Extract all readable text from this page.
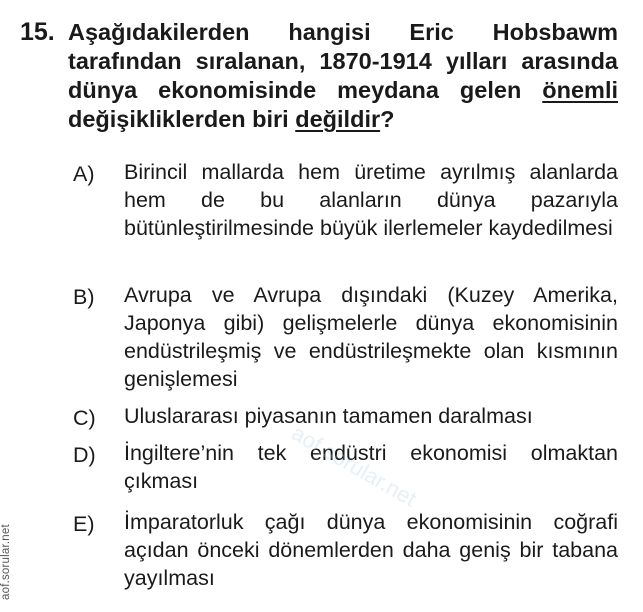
15. Aşağıdakilerden hangisi Eric Hobsbawm tarafından sıralanan, 1870-1914 yılları arasında dünya ekonomisinde meydana gelen önemli değişikliklerden biri değildir?
A) Birincil mallarda hem üretime ayrılmış alanlarda hem de bu alanların dünya pazarıyla bütünleştirilmesinde büyük ilerlemeler kaydedilmesi
B) Avrupa ve Avrupa dışındaki (Kuzey Amerika, Japonya gibi) gelişmelerle dünya ekonomisinin endüstrileşmiş ve endüstrileşmekte olan kısmının genişlemesi
C) Uluslararası piyasanın tamamen daralması
D) İngiltere’nin tek endüstri ekonomisi olmaktan çıkması
E) İmparatorluk çağı dünya ekonomisinin coğrafi açıdan önceki dönemlerden daha geniş bir tabana yayılması
aof.sorular.net
aof.sorular.net
